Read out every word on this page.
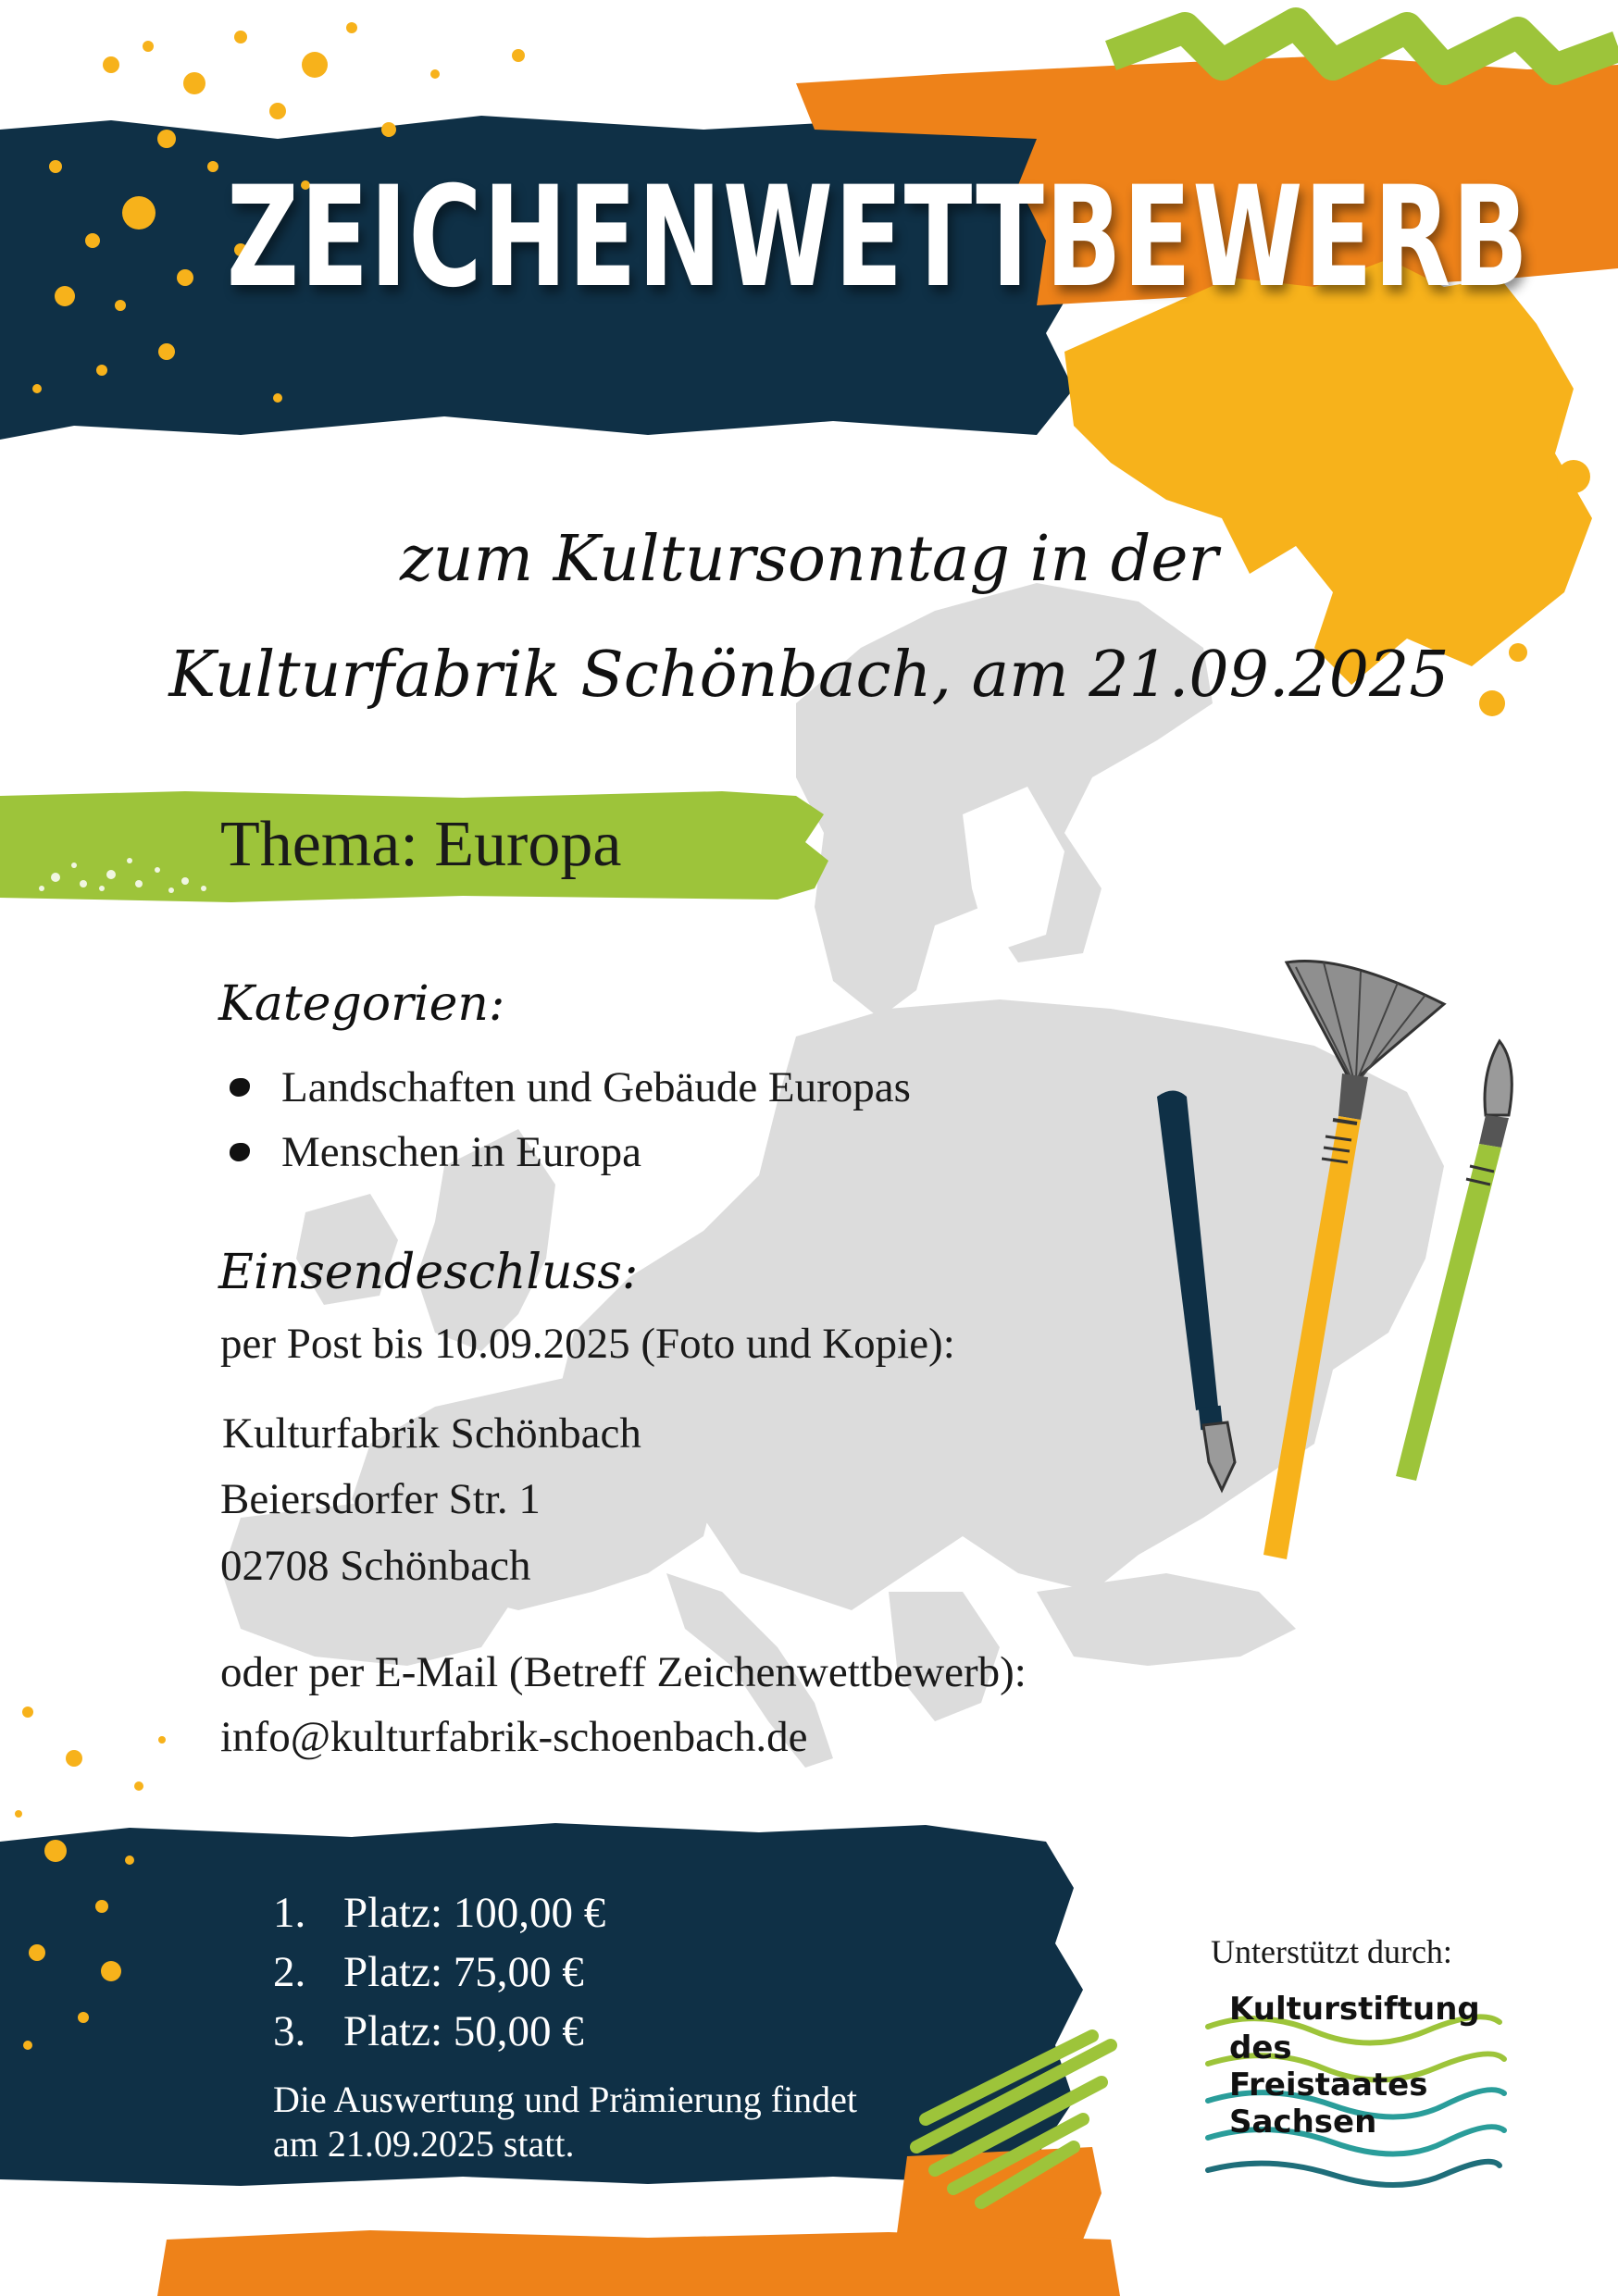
ZEICHENWETTBEWERB
zum Kultursonntag in der
Kulturfabrik Schönbach, am 21.09.2025
Thema: Europa
Kategorien:
Landschaften und Gebäude Europas
Menschen in Europa
Einsendeschluss:
per Post bis 10.09.2025 (Foto und Kopie):
Kulturfabrik Schönbach
Beiersdorfer Str. 1
02708 Schönbach
oder per E-Mail (Betreff Zeichenwettbewerb):
info@kulturfabrik-schoenbach.de
1. Platz: 100,00 €
2. Platz: 75,00 €
3. Platz: 50,00 €
Die Auswertung und Prämierung findet am 21.09.2025 statt.
Unterstützt durch:
Kulturstiftung
des
Freistaates
Sachsen
